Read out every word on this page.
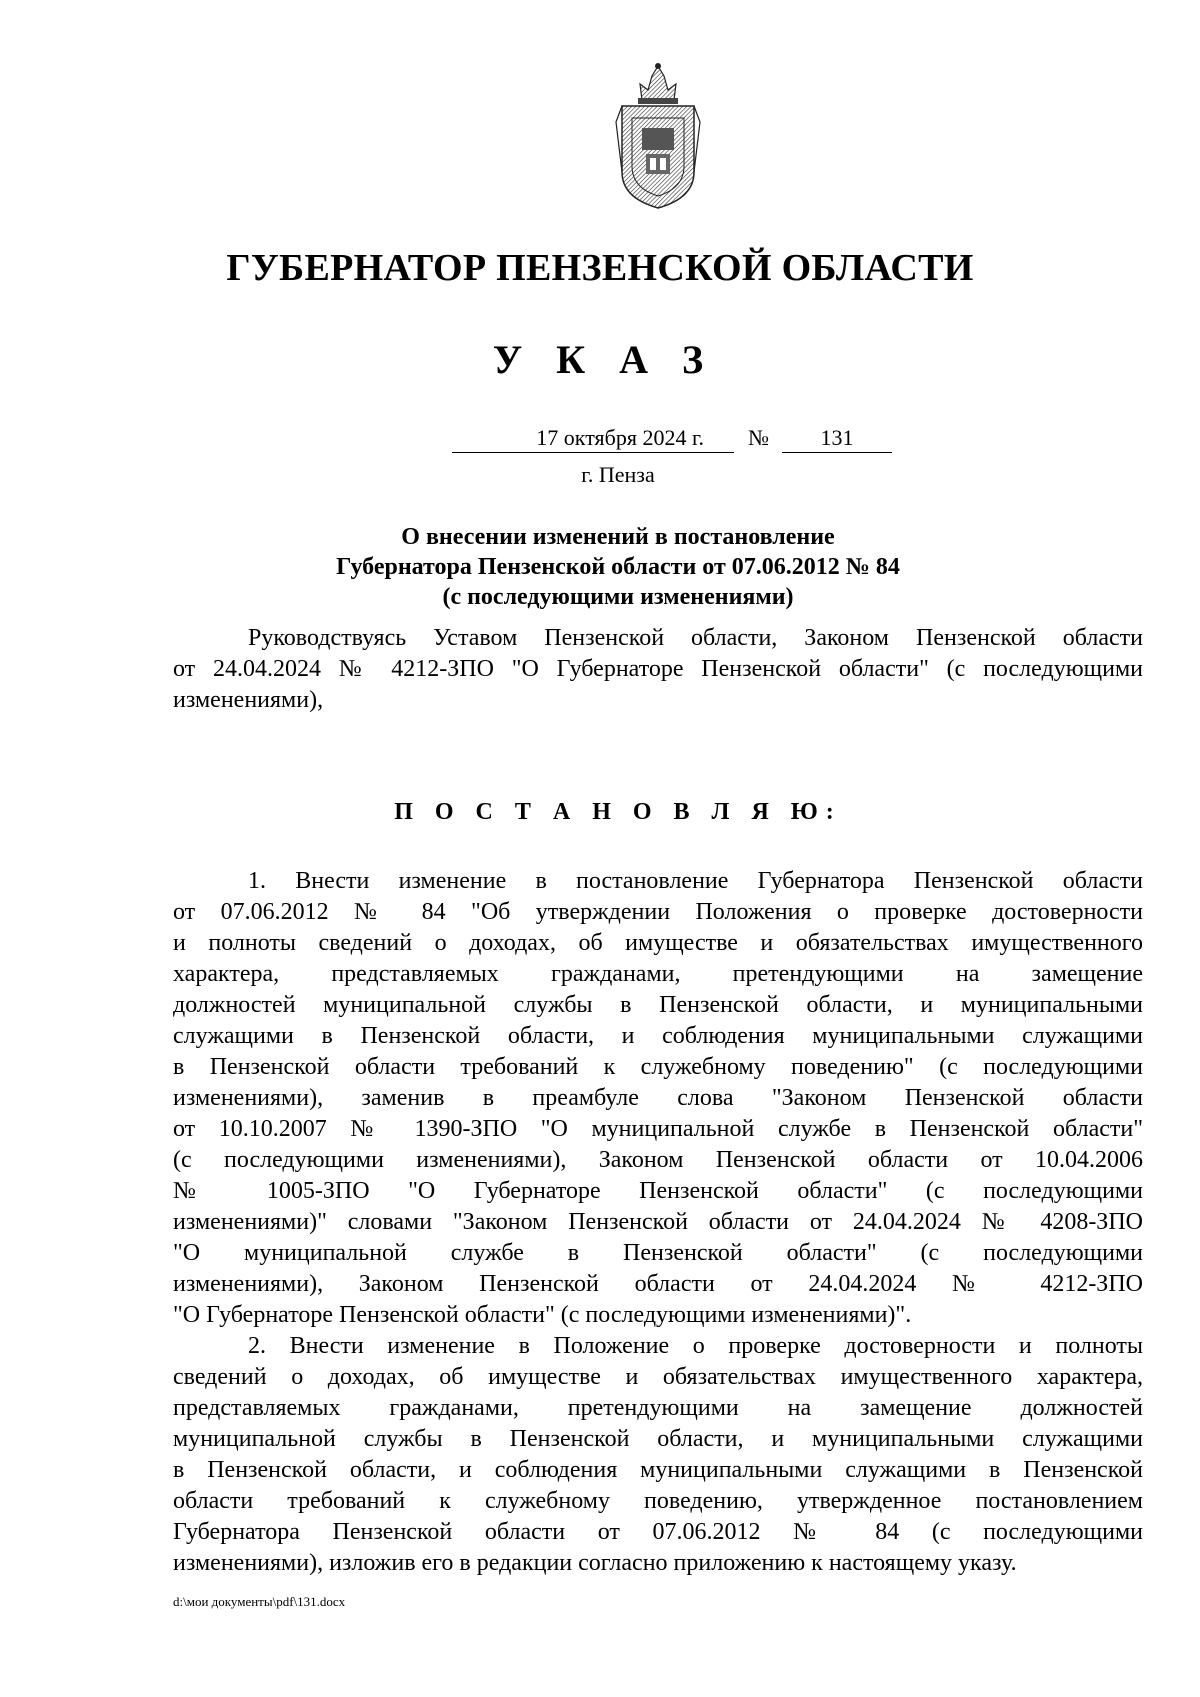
ГУБЕРНАТОР ПЕНЗЕНСКОЙ ОБЛАСТИ
У К А З
17 октября 2024 г.	№	131
г. Пенза
О внесении изменений в постановление
Губернатора Пензенской области от 07.06.2012 № 84
(с последующими изменениями)
Руководствуясь Уставом Пензенской области, Законом Пензенской области
от 24.04.2024 № 4212-ЗПО "О Губернаторе Пензенской области" (с последующими
изменениями),
П О С Т А Н О В Л Я Ю:
1. Внести изменение в постановление Губернатора Пензенской области
от 07.06.2012 № 84 "Об утверждении Положения о проверке достоверности
и полноты сведений о доходах, об имуществе и обязательствах имущественного
характера, представляемых гражданами, претендующими на замещение
должностей муниципальной службы в Пензенской области, и муниципальными
служащими в Пензенской области, и соблюдения муниципальными служащими
в Пензенской области требований к служебному поведению" (с последующими
изменениями), заменив в преамбуле слова "Законом Пензенской области
от 10.10.2007 № 1390-ЗПО "О муниципальной службе в Пензенской области"
(с последующими изменениями), Законом Пензенской области от 10.04.2006
№ 1005-ЗПО "О Губернаторе Пензенской области" (с последующими
изменениями)" словами "Законом Пензенской области от 24.04.2024 № 4208-ЗПО
"О муниципальной службе в Пензенской области" (с последующими
изменениями), Законом Пензенской области от 24.04.2024 № 4212-ЗПО
"О Губернаторе Пензенской области" (с последующими изменениями)".
2. Внести изменение в Положение о проверке достоверности и полноты
сведений о доходах, об имуществе и обязательствах имущественного характера,
представляемых гражданами, претендующими на замещение должностей
муниципальной службы в Пензенской области, и муниципальными служащими
в Пензенской области, и соблюдения муниципальными служащими в Пензенской
области требований к служебному поведению, утвержденное постановлением
Губернатора Пензенской области от 07.06.2012 № 84 (с последующими
изменениями), изложив его в редакции согласно приложению к настоящему указу.
d:\мои документы\pdf\131.docx
